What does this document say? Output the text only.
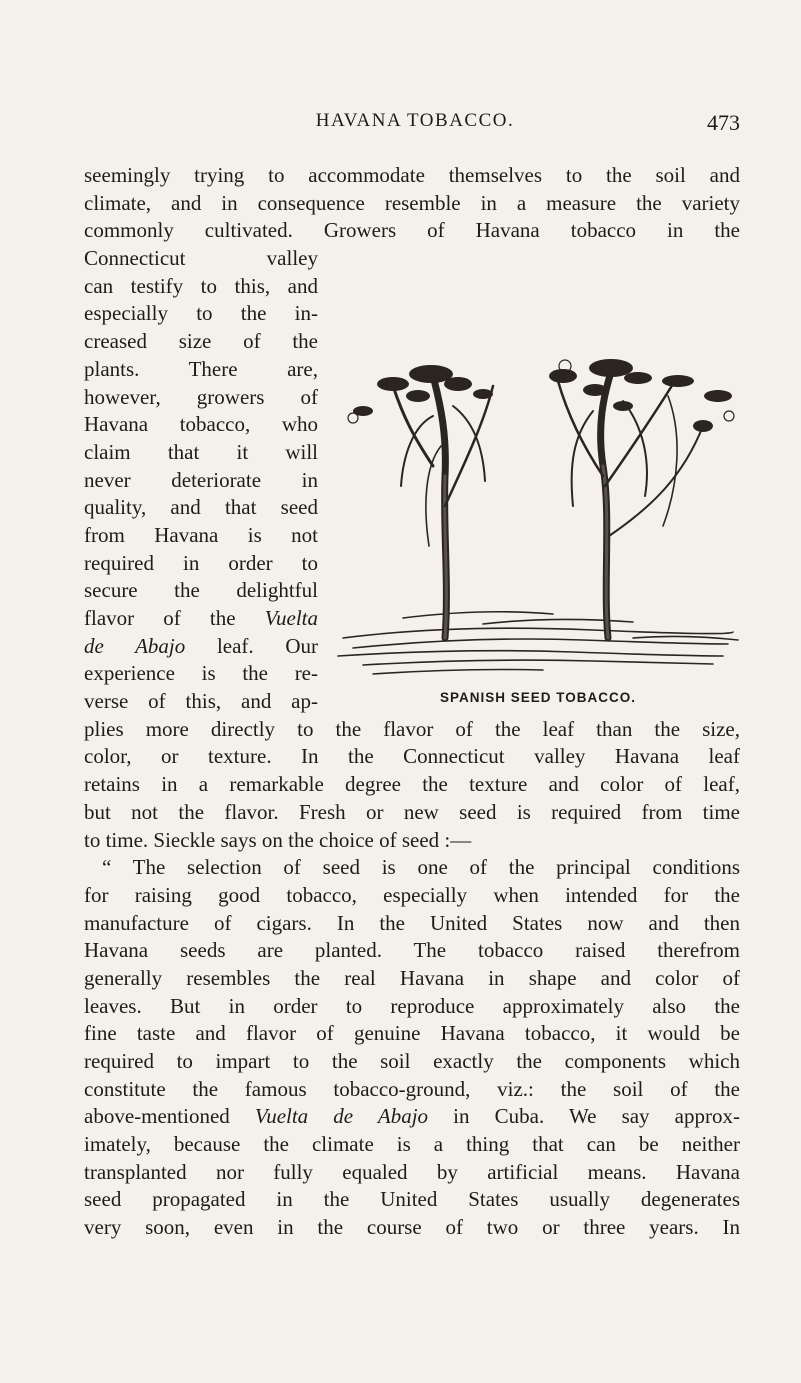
HAVANA TOBACCO.	473
seemingly trying to accommodate themselves to the soil and
climate, and in consequence resemble in a measure the variety
commonly cultivated. Growers of Havana tobacco in the
Connecticut valley
can testify to this, and
especially to the in-
creased size of the
plants. There are,
however, growers of
Havana tobacco, who
claim that it will
never deteriorate in
quality, and that seed
from Havana is not
required in order to
secure the delightful
flavor of the Vuelta
de Abajo leaf. Our
experience is the re-
verse of this, and ap-
plies more directly to the flavor of the leaf than the size,
color, or texture. In the Connecticut valley Havana leaf
retains in a remarkable degree the texture and color of leaf,
but not the flavor. Fresh or new seed is required from time
to time. Sieckle says on the choice of seed :—
“ The selection of seed is one of the principal conditions
for raising good tobacco, especially when intended for the
manufacture of cigars. In the United States now and then
Havana seeds are planted. The tobacco raised therefrom
generally resembles the real Havana in shape and color of
leaves. But in order to reproduce approximately also the
fine taste and flavor of genuine Havana tobacco, it would be
required to impart to the soil exactly the components which
constitute the famous tobacco-ground, viz.: the soil of the
above-mentioned Vuelta de Abajo in Cuba. We say approx-
imately, because the climate is a thing that can be neither
transplanted nor fully equaled by artificial means. Havana
seed propagated in the United States usually degenerates
very soon, even in the course of two or three years. In
SPANISH SEED TOBACCO.
